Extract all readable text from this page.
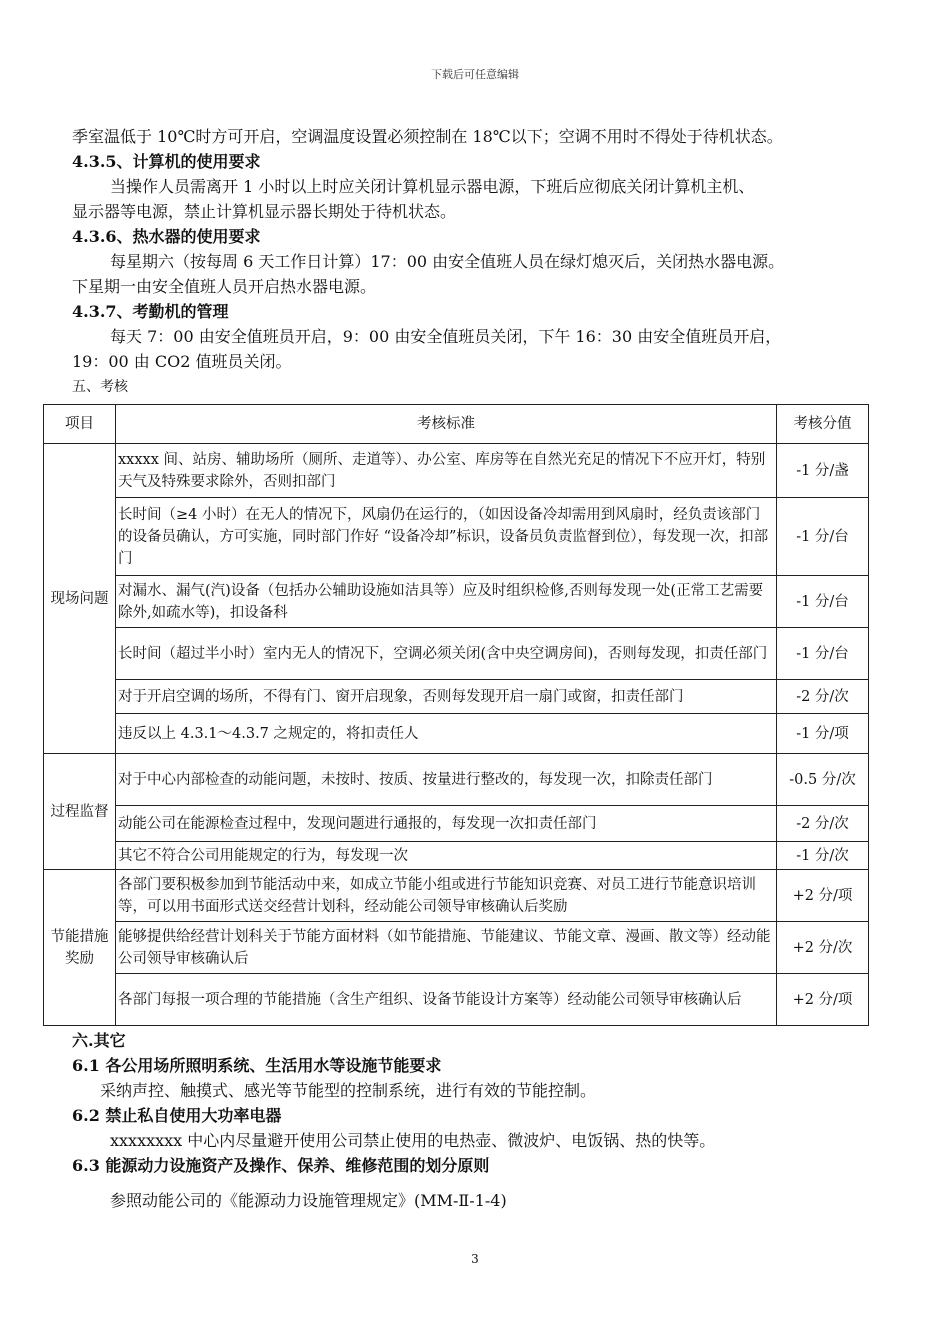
下载后可任意编辑
季室温低于 10℃时方可开启，空调温度设置必须控制在 18℃以下；空调不用时不得处于待机状态。
4.3.5、计算机的使用要求
当操作人员需离开 1 小时以上时应关闭计算机显示器电源，下班后应彻底关闭计算机主机、
显示器等电源，禁止计算机显示器长期处于待机状态。
4.3.6、热水器的使用要求
每星期六（按每周 6 天工作日计算）17：00 由安全值班人员在绿灯熄灭后，关闭热水器电源。
下星期一由安全值班人员开启热水器电源。
4.3.7、考勤机的管理
每天 7：00 由安全值班员开启，9：00 由安全值班员关闭，下午 16：30 由安全值班员开启，
19：00 由 CO2 值班员关闭。
五、考核
项目	考核标准	考核分值
现场问题	xxxxx 间、站房、辅助场所（厕所、走道等）、办公室、库房等在自然光充足的情况下不应开灯，特别天气及特殊要求除外，否则扣部门	-1 分/盏
	长时间（≥4 小时）在无人的情况下，风扇仍在运行的，（如因设备冷却需用到风扇时，经负责该部门的设备员确认，方可实施，同时部门作好 “设备冷却”标识，设备员负责监督到位），每发现一次，扣部门	-1 分/台
	对漏水、漏气(汽)设备（包括办公辅助设施如洁具等）应及时组织检修,否则每发现一处(正常工艺需要除外,如疏水等)，扣设备科	-1 分/台
	长时间（超过半小时）室内无人的情况下，空调必须关闭(含中央空调房间)，否则每发现，扣责任部门	-1 分/台
	对于开启空调的场所，不得有门、窗开启现象，否则每发现开启一扇门或窗，扣责任部门	-2 分/次
	违反以上 4.3.1～4.3.7 之规定的，将扣责任人	-1 分/项
过程监督	对于中心内部检查的动能问题，未按时、按质、按量进行整改的，每发现一次，扣除责任部门	-0.5 分/次
	动能公司在能源检查过程中，发现问题进行通报的，每发现一次扣责任部门	-2 分/次
	其它不符合公司用能规定的行为，每发现一次	-1 分/次
节能措施奖励	各部门要积极参加到节能活动中来，如成立节能小组或进行节能知识竞赛、对员工进行节能意识培训等，可以用书面形式送交经营计划科，经动能公司领导审核确认后奖励	+2 分/项
	能够提供给经营计划科关于节能方面材料（如节能措施、节能建议、节能文章、漫画、散文等）经动能公司领导审核确认后	+2 分/次
	各部门每报一项合理的节能措施（含生产组织、设备节能设计方案等）经动能公司领导审核确认后	+2 分/项
六.其它
6.1 各公用场所照明系统、生活用水等设施节能要求
采纳声控、触摸式、感光等节能型的控制系统，进行有效的节能控制。
6.2 禁止私自使用大功率电器
xxxxxxxx 中心内尽量避开使用公司禁止使用的电热壶、微波炉、电饭锅、热的快等。
6.3 能源动力设施资产及操作、保养、维修范围的划分原则
参照动能公司的《能源动力设施管理规定》(MM-Ⅱ-1-4)
3
